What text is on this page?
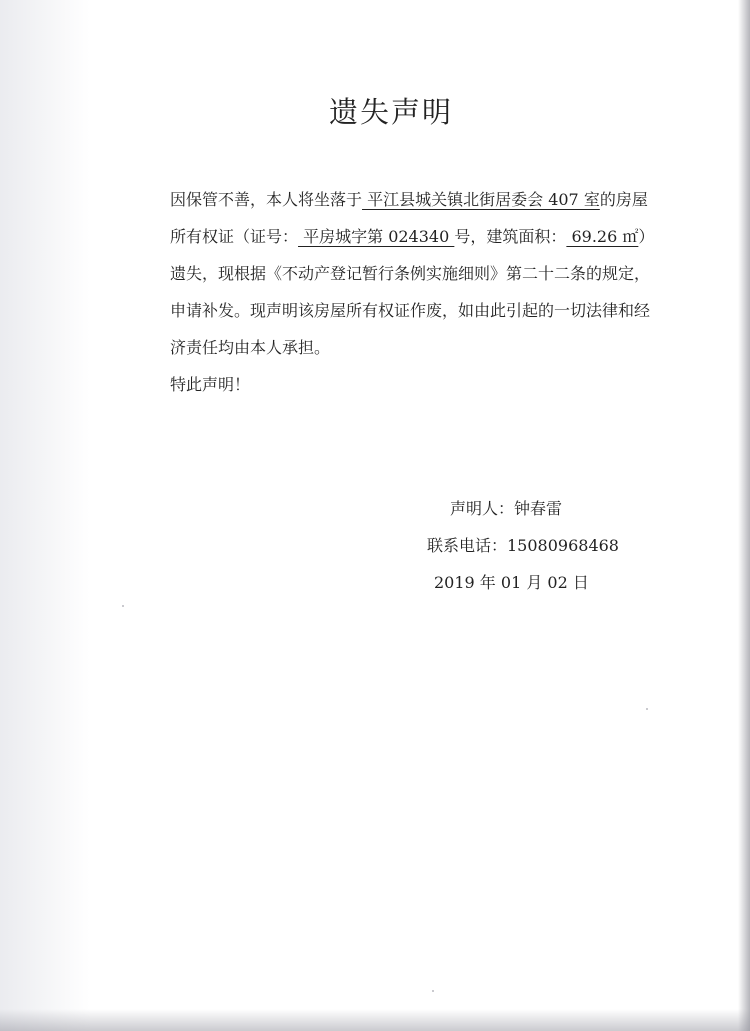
遗失声明

因保管不善，本人将坐落于 平江县城关镇北街居委会 407 室的房屋所有权证（证号： 平房城字第 024340 号，建筑面积： 69.26 ㎡）遗失，现根据《不动产登记暂行条例实施细则》第二十二条的规定，申请补发。现声明该房屋所有权证作废，如由此引起的一切法律和经济责任均由本人承担。

特此声明！

声明人：钟春雷
联系电话：15080968468
2019 年 01 月 02 日
